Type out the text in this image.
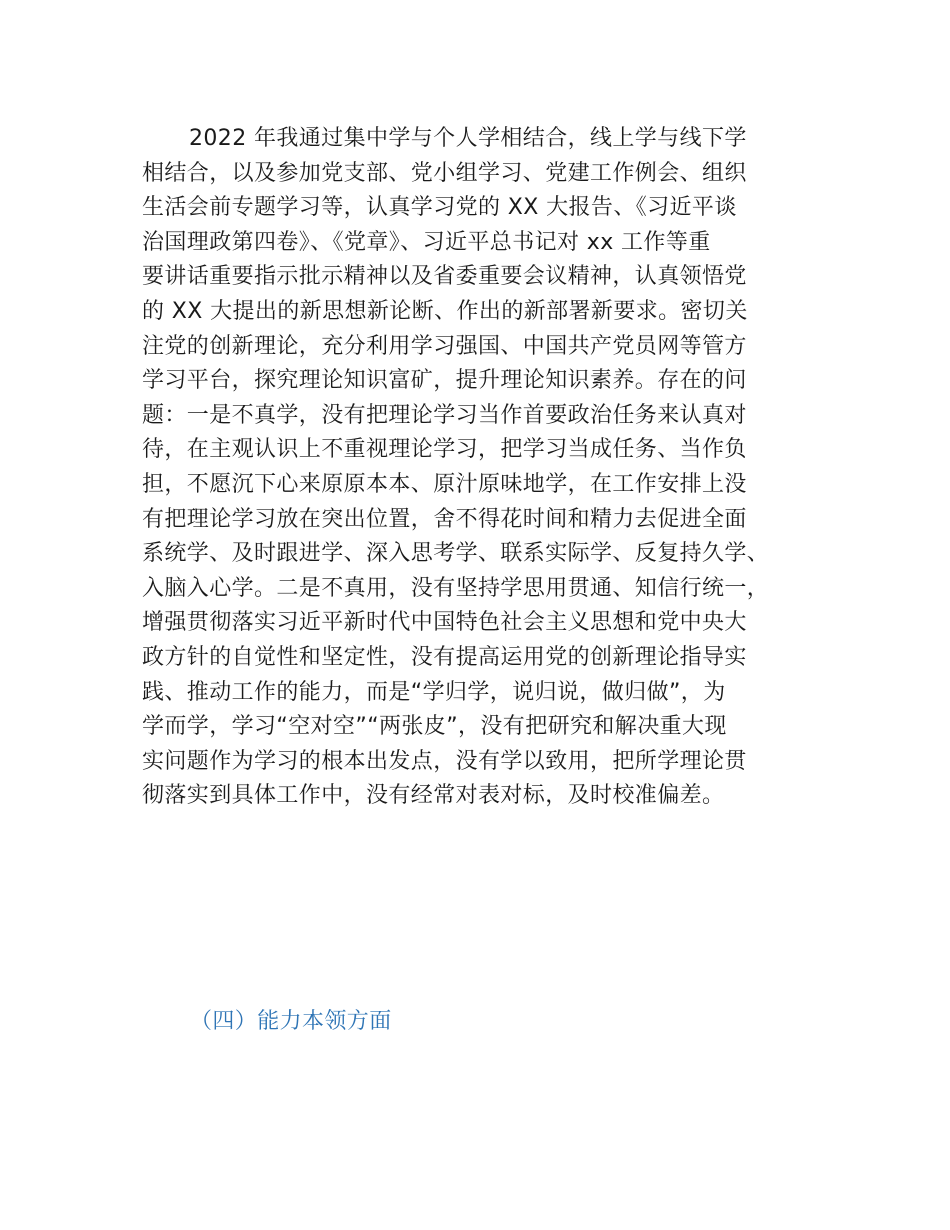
2022 年我通过集中学与个人学相结合，线上学与线下学
相结合，以及参加党支部、党小组学习、党建工作例会、组织
生活会前专题学习等，认真学习党的 XX 大报告、《习近平谈
治国理政第四卷》、《党章》、习近平总书记对 xx 工作等重
要讲话重要指示批示精神以及省委重要会议精神，认真领悟党
的 XX 大提出的新思想新论断、作出的新部署新要求。密切关
注党的创新理论，充分利用学习强国、中国共产党员网等管方
学习平台，探究理论知识富矿，提升理论知识素养。存在的问
题：一是不真学，没有把理论学习当作首要政治任务来认真对
待，在主观认识上不重视理论学习，把学习当成任务、当作负
担，不愿沉下心来原原本本、原汁原味地学，在工作安排上没
有把理论学习放在突出位置，舍不得花时间和精力去促进全面
系统学、及时跟进学、深入思考学、联系实际学、反复持久学、
入脑入心学。二是不真用，没有坚持学思用贯通、知信行统一，
增强贯彻落实习近平新时代中国特色社会主义思想和党中央大
政方针的自觉性和坚定性，没有提高运用党的创新理论指导实
践、推动工作的能力，而是“学归学，说归说，做归做”，为
学而学，学习“空对空”“两张皮”，没有把研究和解决重大现
实问题作为学习的根本出发点，没有学以致用，把所学理论贯
彻落实到具体工作中，没有经常对表对标，及时校准偏差。
（四）能力本领方面
